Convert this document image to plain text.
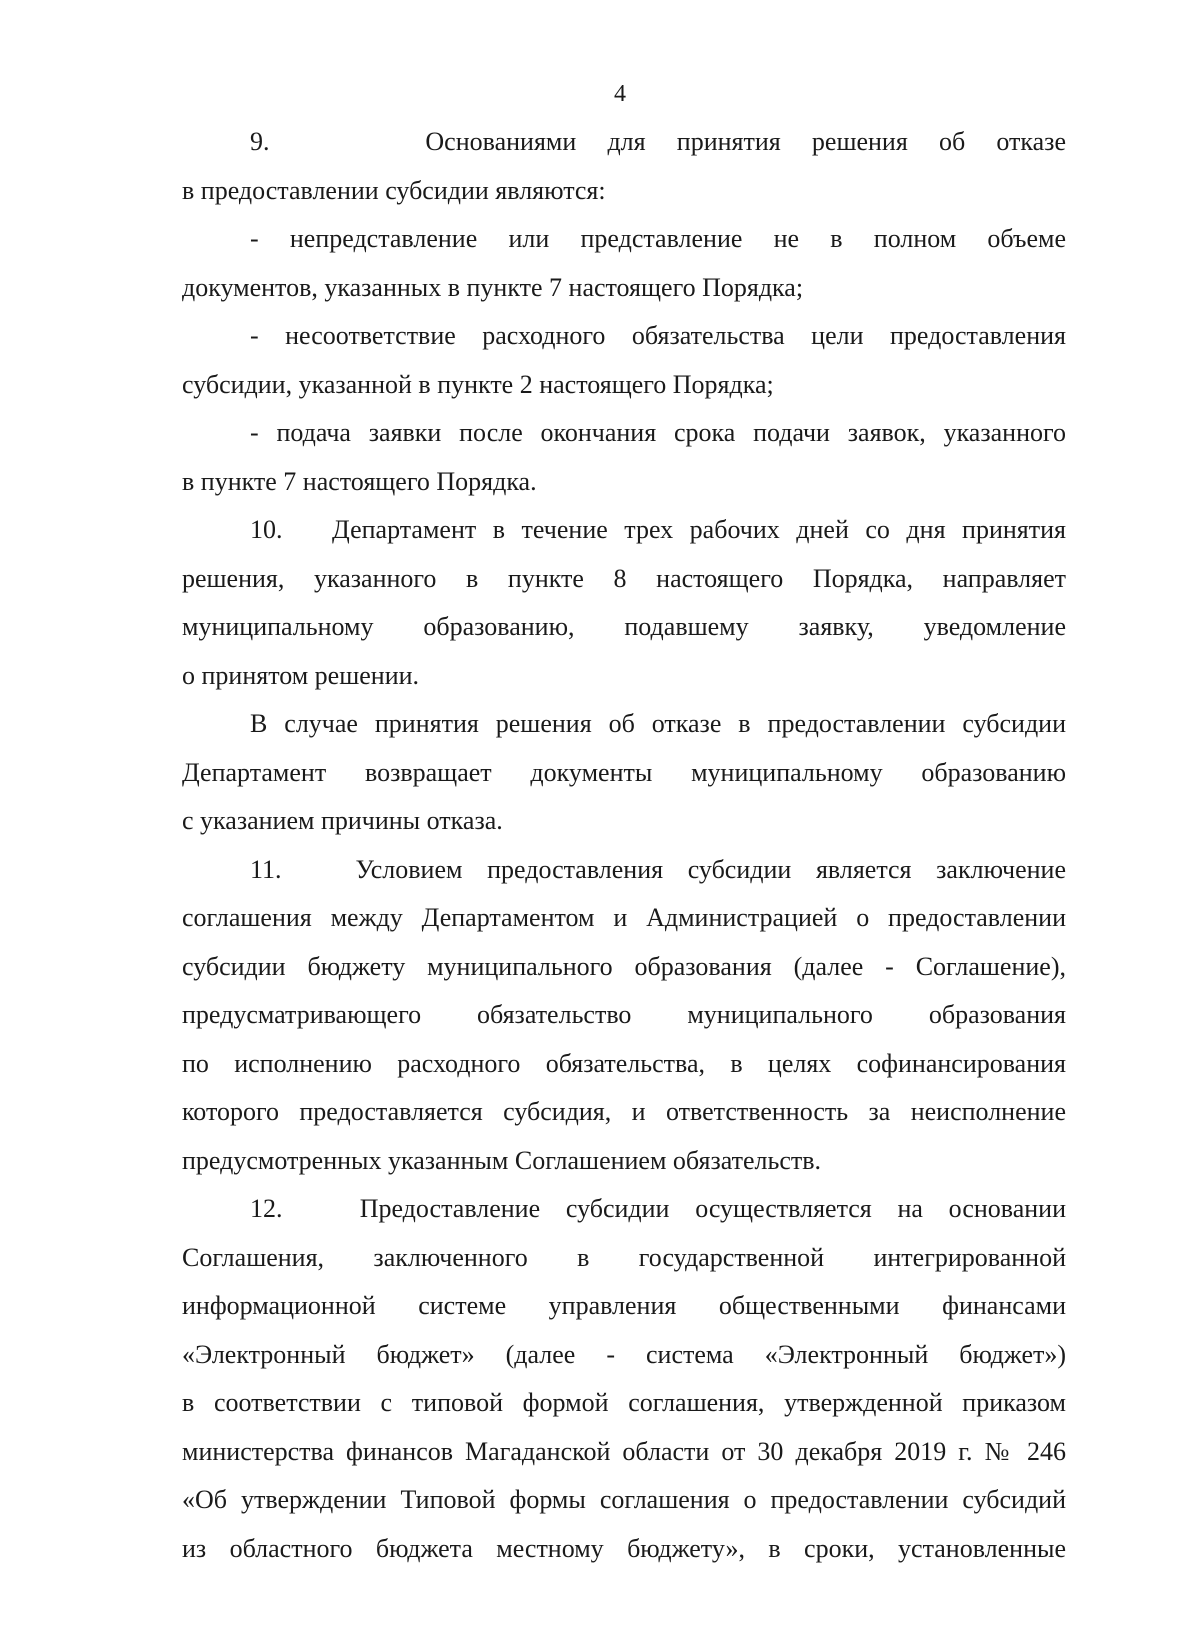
4
9.     Основаниями для принятия решения об отказе
в предоставлении субсидии являются:
- непредставление или представление не в полном объеме
документов, указанных в пункте 7 настоящего Порядка;
- несоответствие расходного обязательства цели предоставления
субсидии, указанной в пункте 2 настоящего Порядка;
- подача заявки после окончания срока подачи заявок, указанного
в пункте 7 настоящего Порядка.
10.   Департамент в течение трех рабочих дней со дня принятия
решения, указанного в пункте 8 настоящего Порядка, направляет
муниципальному образованию, подавшему заявку, уведомление
о принятом решении.
В случае принятия решения об отказе в предоставлении субсидии
Департамент возвращает документы муниципальному образованию
с указанием причины отказа.
11.   Условием предоставления субсидии является заключение
соглашения между Департаментом и Администрацией о предоставлении
субсидии бюджету муниципального образования (далее - Соглашение),
предусматривающего обязательство муниципального образования
по исполнению расходного обязательства, в целях софинансирования
которого предоставляется субсидия, и ответственность за неисполнение
предусмотренных указанным Соглашением обязательств.
12.   Предоставление субсидии осуществляется на основании
Соглашения, заключенного в государственной интегрированной
информационной системе управления общественными финансами
«Электронный бюджет» (далее - система «Электронный бюджет»)
в соответствии с типовой формой соглашения, утвержденной приказом
министерства финансов Магаданской области от 30 декабря 2019 г. № 246
«Об утверждении Типовой формы соглашения о предоставлении субсидий
из областного бюджета местному бюджету», в сроки, установленные
